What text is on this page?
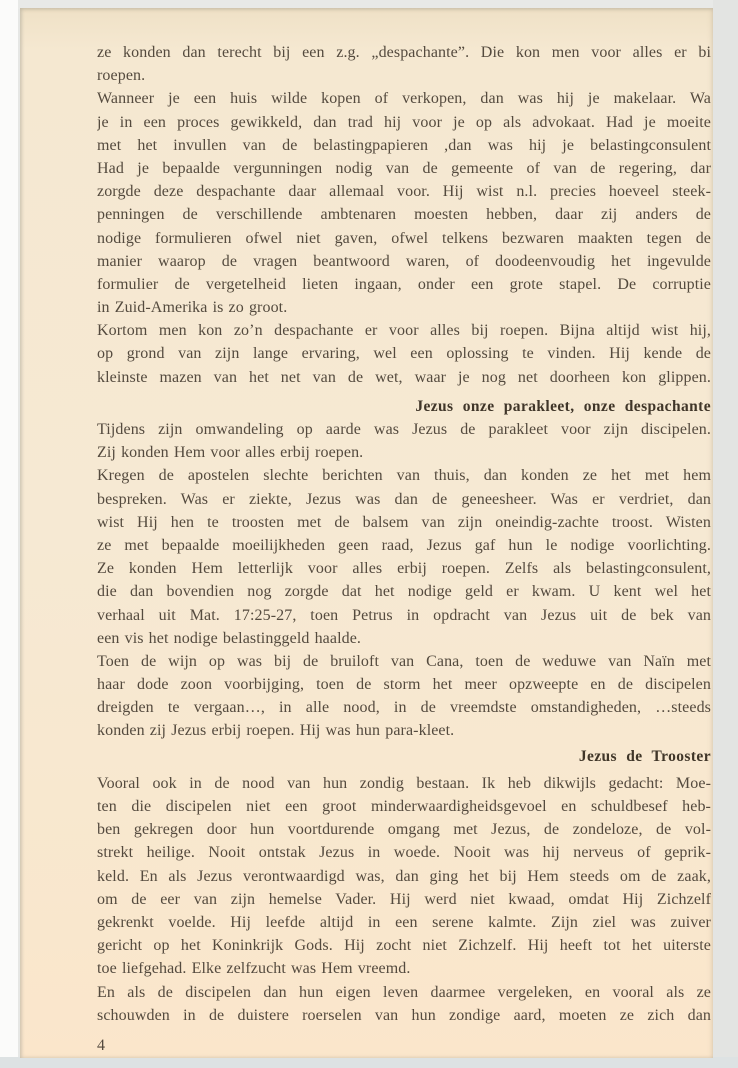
ze konden dan terecht bij een z.g. „despachante”. Die kon men voor alles er bi
roepen.
Wanneer je een huis wilde kopen of verkopen, dan was hij je makelaar. Wa
je in een proces gewikkeld, dan trad hij voor je op als advokaat. Had je moeite
met het invullen van de belastingpapieren ,dan was hij je belastingconsulent
Had je bepaalde vergunningen nodig van de gemeente of van de regering, dar
zorgde deze despachante daar allemaal voor. Hij wist n.l. precies hoeveel steek-
penningen de verschillende ambtenaren moesten hebben, daar zij anders de
nodige formulieren ofwel niet gaven, ofwel telkens bezwaren maakten tegen de
manier waarop de vragen beantwoord waren, of doodeenvoudig het ingevulde
formulier de vergetelheid lieten ingaan, onder een grote stapel. De corruptie
in Zuid-Amerika is zo groot.
Kortom men kon zo’n despachante er voor alles bij roepen. Bijna altijd wist hij,
op grond van zijn lange ervaring, wel een oplossing te vinden. Hij kende de
kleinste mazen van het net van de wet, waar je nog net doorheen kon glippen.
Jezus onze parakleet, onze despachante
Tijdens zijn omwandeling op aarde was Jezus de parakleet voor zijn discipelen.
Zij konden Hem voor alles erbij roepen.
Kregen de apostelen slechte berichten van thuis, dan konden ze het met hem
bespreken. Was er ziekte, Jezus was dan de geneesheer. Was er verdriet, dan
wist Hij hen te troosten met de balsem van zijn oneindig-zachte troost. Wisten
ze met bepaalde moeilijkheden geen raad, Jezus gaf hun le nodige voorlichting.
Ze konden Hem letterlijk voor alles erbij roepen. Zelfs als belastingconsulent,
die dan bovendien nog zorgde dat het nodige geld er kwam. U kent wel het
verhaal uit Mat. 17:25-27, toen Petrus in opdracht van Jezus uit de bek van
een vis het nodige belastinggeld haalde.
Toen de wijn op was bij de bruiloft van Cana, toen de weduwe van Naïn met
haar dode zoon voorbijging, toen de storm het meer opzweepte en de discipelen
dreigden te vergaan…, in alle nood, in de vreemdste omstandigheden, …steeds
konden zij Jezus erbij roepen. Hij was hun para-kleet.
Jezus de Trooster
Vooral ook in de nood van hun zondig bestaan. Ik heb dikwijls gedacht: Moe-
ten die discipelen niet een groot minderwaardigheidsgevoel en schuldbesef heb-
ben gekregen door hun voortdurende omgang met Jezus, de zondeloze, de vol-
strekt heilige. Nooit ontstak Jezus in woede. Nooit was hij nerveus of geprik-
keld. En als Jezus verontwaardigd was, dan ging het bij Hem steeds om de zaak,
om de eer van zijn hemelse Vader. Hij werd niet kwaad, omdat Hij Zichzelf
gekrenkt voelde. Hij leefde altijd in een serene kalmte. Zijn ziel was zuiver
gericht op het Koninkrijk Gods. Hij zocht niet Zichzelf. Hij heeft tot het uiterste
toe liefgehad. Elke zelfzucht was Hem vreemd.
En als de discipelen dan hun eigen leven daarmee vergeleken, en vooral als ze
schouwden in de duistere roerselen van hun zondige aard, moeten ze zich dan
4
